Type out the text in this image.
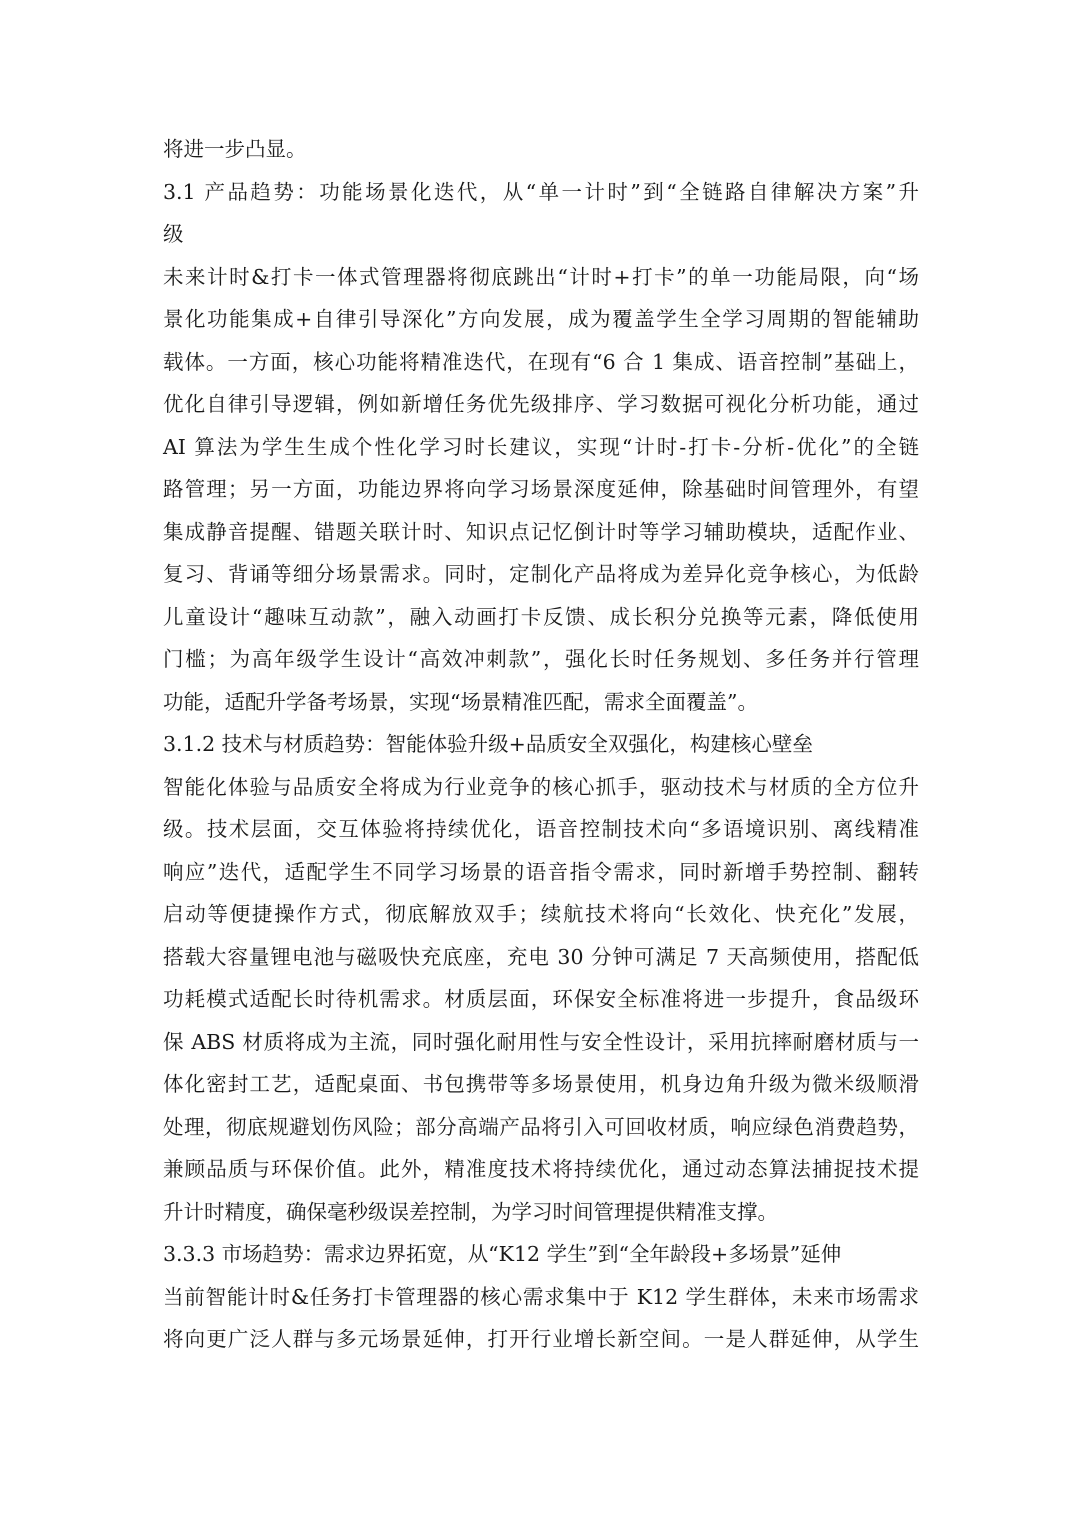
将进一步凸显。
3.1 产品趋势：功能场景化迭代，从“单一计时”到“全链路自律解决方案”升
级
未来计时&打卡一体式管理器将彻底跳出“计时+打卡”的单一功能局限，向“场
景化功能集成+自律引导深化”方向发展，成为覆盖学生全学习周期的智能辅助
载体。一方面，核心功能将精准迭代，在现有“6 合 1 集成、语音控制”基础上，
优化自律引导逻辑，例如新增任务优先级排序、学习数据可视化分析功能，通过
AI 算法为学生生成个性化学习时长建议，实现“计时-打卡-分析-优化”的全链
路管理；另一方面，功能边界将向学习场景深度延伸，除基础时间管理外，有望
集成静音提醒、错题关联计时、知识点记忆倒计时等学习辅助模块，适配作业、
复习、背诵等细分场景需求。同时，定制化产品将成为差异化竞争核心，为低龄
儿童设计“趣味互动款”，融入动画打卡反馈、成长积分兑换等元素，降低使用
门槛；为高年级学生设计“高效冲刺款”，强化长时任务规划、多任务并行管理
功能，适配升学备考场景，实现“场景精准匹配，需求全面覆盖”。
3.1.2 技术与材质趋势：智能体验升级+品质安全双强化，构建核心壁垒
智能化体验与品质安全将成为行业竞争的核心抓手，驱动技术与材质的全方位升
级。技术层面，交互体验将持续优化，语音控制技术向“多语境识别、离线精准
响应”迭代，适配学生不同学习场景的语音指令需求，同时新增手势控制、翻转
启动等便捷操作方式，彻底解放双手；续航技术将向“长效化、快充化”发展，
搭载大容量锂电池与磁吸快充底座，充电 30 分钟可满足 7 天高频使用，搭配低
功耗模式适配长时待机需求。材质层面，环保安全标准将进一步提升，食品级环
保 ABS 材质将成为主流，同时强化耐用性与安全性设计，采用抗摔耐磨材质与一
体化密封工艺，适配桌面、书包携带等多场景使用，机身边角升级为微米级顺滑
处理，彻底规避划伤风险；部分高端产品将引入可回收材质，响应绿色消费趋势，
兼顾品质与环保价值。此外，精准度技术将持续优化，通过动态算法捕捉技术提
升计时精度，确保毫秒级误差控制，为学习时间管理提供精准支撑。
3.3.3 市场趋势：需求边界拓宽，从“K12 学生”到“全年龄段+多场景”延伸
当前智能计时&任务打卡管理器的核心需求集中于 K12 学生群体，未来市场需求
将向更广泛人群与多元场景延伸，打开行业增长新空间。一是人群延伸，从学生
